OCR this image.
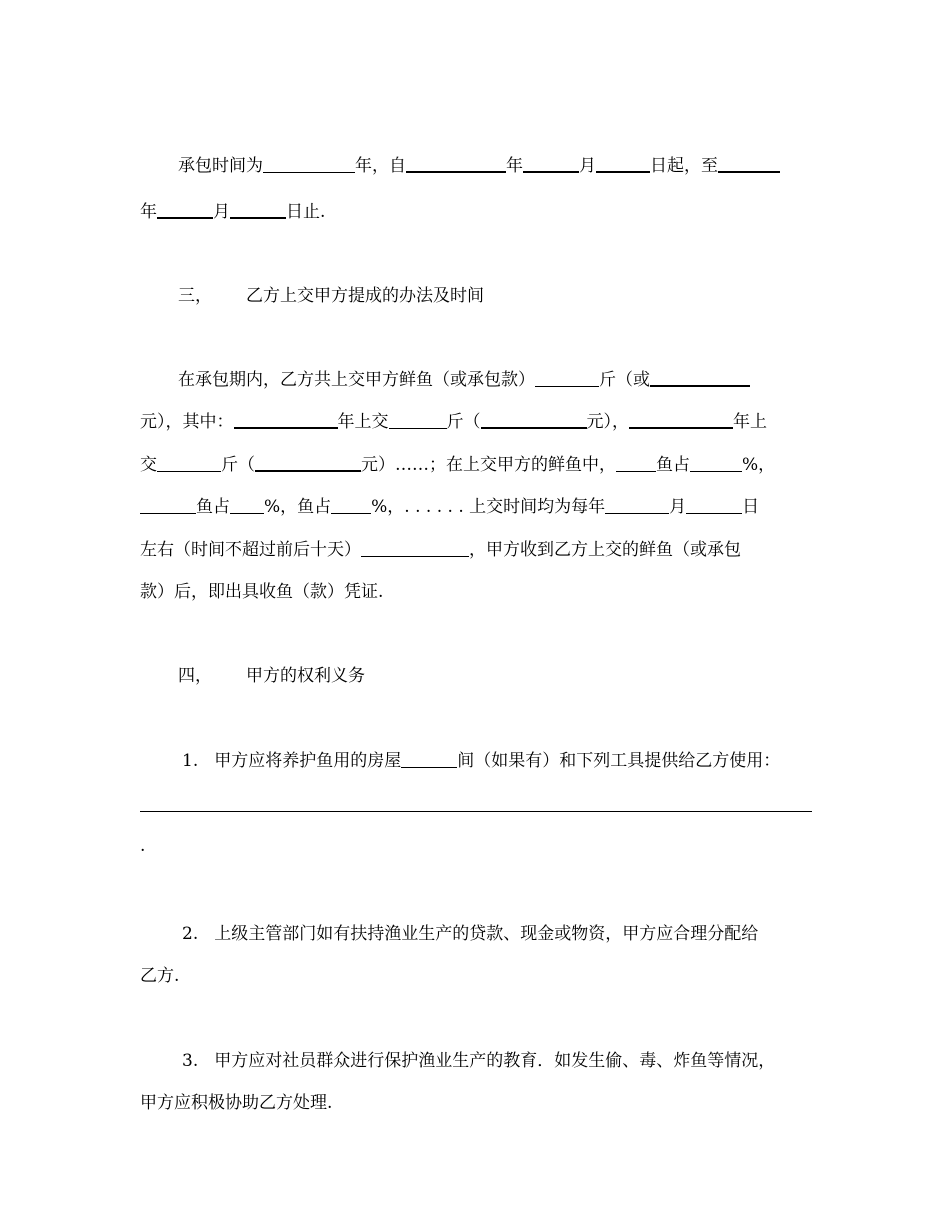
承包时间为	年，自	年	月	日起，至
年	月	日止.
三， 乙方上交甲方提成的办法及时间
在承包期内，乙方共上交甲方鲜鱼（或承包款）	斤（或
元），其中：	年上交	斤（	元），	年上
交	斤（	元）……；在上交甲方的鲜鱼中， 鱼占	%，
鱼占 %，鱼占 %，. . . . . . 上交时间均为每年	月	日
左右（时间不超过前后十天）	，甲方收到乙方上交的鲜鱼（或承包
款）后，即出具收鱼（款）凭证.
四， 甲方的权利义务
1. 甲方应将养护鱼用的房屋	间（如果有）和下列工具提供给乙方使用：
.
2. 上级主管部门如有扶持渔业生产的贷款、现金或物资，甲方应合理分配给
乙方.
3. 甲方应对社员群众进行保护渔业生产的教育．如发生偷、毒、炸鱼等情况，
甲方应积极协助乙方处理.
